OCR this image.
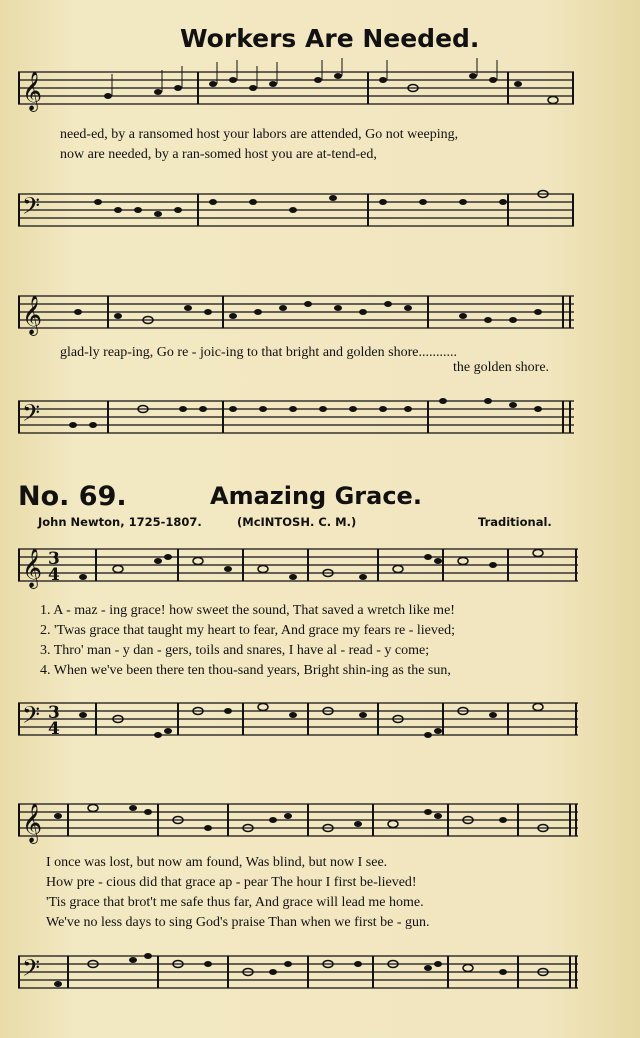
Workers Are Needed.
𝄞
need-ed, by a ransomed host your labors are attended, Go not weeping,
now are needed, by a ran-somed host you are at-tend-ed,
𝄢
𝄞
glad-ly reap-ing, Go re - joic-ing to that bright and golden shore...........
the golden shore.
𝄢
No. 69.	Amazing Grace.
John Newton, 1725-1807.	(McINTOSH. C. M.)	Traditional.
𝄞 3
4
1. A - maz - ing grace! how sweet the sound, That saved a wretch like me!
2. 'Twas grace that taught my heart to fear, And grace my fears re - lieved;
3. Thro' man - y dan - gers, toils and snares, I have al - read - y come;
4. When we've been there ten thou-sand years, Bright shin-ing as the sun,
𝄢 3
4
𝄞
I once was lost, but now am found, Was blind, but now I see.
How pre - cious did that grace ap - pear The hour I first be-lieved!
'Tis grace that brot't me safe thus far, And grace will lead me home.
We've no less days to sing God's praise Than when we first be - gun.
𝄢
